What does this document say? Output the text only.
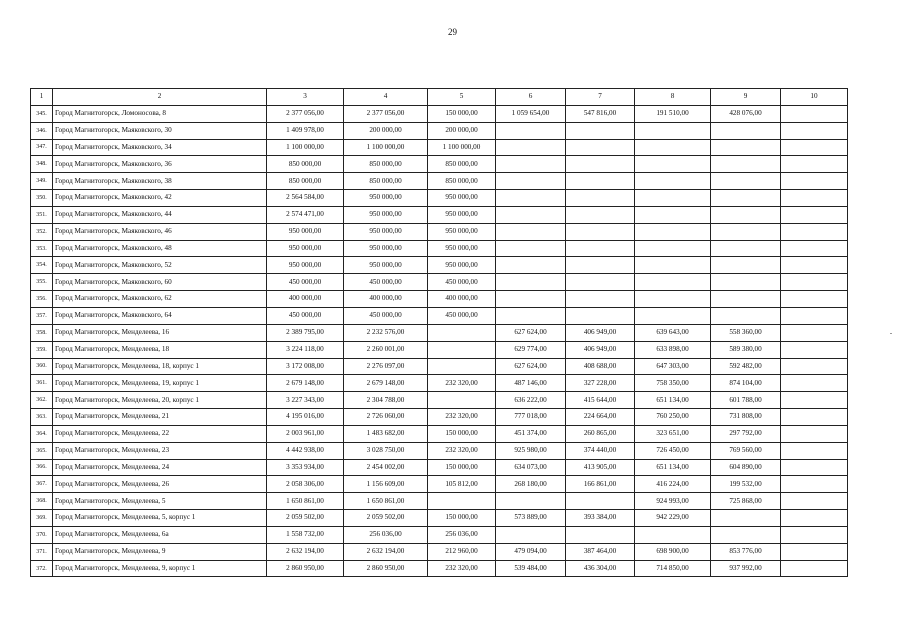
29
1	2	3	4	5	6	7	8	9	10
345.	Город Магнитогорск, Ломоносова, 8	2 377 056,00	2 377 056,00	150 000,00	1 059 654,00	547 816,00	191 510,00	428 076,00	
346.	Город Магнитогорск, Маяковского, 30	1 409 978,00	200 000,00	200 000,00					
347.	Город Магнитогорск, Маяковского, 34	1 100 000,00	1 100 000,00	1 100 000,00					
348.	Город Магнитогорск, Маяковского, 36	850 000,00	850 000,00	850 000,00					
349.	Город Магнитогорск, Маяковского, 38	850 000,00	850 000,00	850 000,00					
350.	Город Магнитогорск, Маяковского, 42	2 564 584,00	950 000,00	950 000,00					
351.	Город Магнитогорск, Маяковского, 44	2 574 471,00	950 000,00	950 000,00					
352.	Город Магнитогорск, Маяковского, 46	950 000,00	950 000,00	950 000,00					
353.	Город Магнитогорск, Маяковского, 48	950 000,00	950 000,00	950 000,00					
354.	Город Магнитогорск, Маяковского, 52	950 000,00	950 000,00	950 000,00					
355.	Город Магнитогорск, Маяковского, 60	450 000,00	450 000,00	450 000,00					
356.	Город Магнитогорск, Маяковского, 62	400 000,00	400 000,00	400 000,00					
357.	Город Магнитогорск, Маяковского, 64	450 000,00	450 000,00	450 000,00					
358.	Город Магнитогорск, Менделеева, 16	2 389 795,00	2 232 576,00		627 624,00	406 949,00	639 643,00	558 360,00	
359.	Город Магнитогорск, Менделеева, 18	3 224 118,00	2 260 001,00		629 774,00	406 949,00	633 898,00	589 380,00	
360.	Город Магнитогорск, Менделеева, 18, корпус 1	3 172 008,00	2 276 097,00		627 624,00	408 688,00	647 303,00	592 482,00	
361.	Город Магнитогорск, Менделеева, 19, корпус 1	2 679 148,00	2 679 148,00	232 320,00	487 146,00	327 228,00	758 350,00	874 104,00	
362.	Город Магнитогорск, Менделеева, 20, корпус 1	3 227 343,00	2 304 788,00		636 222,00	415 644,00	651 134,00	601 788,00	
363.	Город Магнитогорск, Менделеева, 21	4 195 016,00	2 726 060,00	232 320,00	777 018,00	224 664,00	760 250,00	731 808,00	
364.	Город Магнитогорск, Менделеева, 22	2 003 961,00	1 483 682,00	150 000,00	451 374,00	260 865,00	323 651,00	297 792,00	
365.	Город Магнитогорск, Менделеева, 23	4 442 938,00	3 028 750,00	232 320,00	925 980,00	374 440,00	726 450,00	769 560,00	
366.	Город Магнитогорск, Менделеева, 24	3 353 934,00	2 454 002,00	150 000,00	634 073,00	413 905,00	651 134,00	604 890,00	
367.	Город Магнитогорск, Менделеева, 26	2 058 306,00	1 156 609,00	105 812,00	268 180,00	166 861,00	416 224,00	199 532,00	
368.	Город Магнитогорск, Менделеева, 5	1 650 861,00	1 650 861,00				924 993,00	725 868,00	
369.	Город Магнитогорск, Менделеева, 5, корпус 1	2 059 502,00	2 059 502,00	150 000,00	573 889,00	393 384,00	942 229,00		
370.	Город Магнитогорск, Менделеева, 6а	1 558 732,00	256 036,00	256 036,00					
371.	Город Магнитогорск, Менделеева, 9	2 632 194,00	2 632 194,00	212 960,00	479 094,00	387 464,00	698 900,00	853 776,00	
372.	Город Магнитогорск, Менделеева, 9, корпус 1	2 860 950,00	2 860 950,00	232 320,00	539 484,00	436 304,00	714 850,00	937 992,00	
